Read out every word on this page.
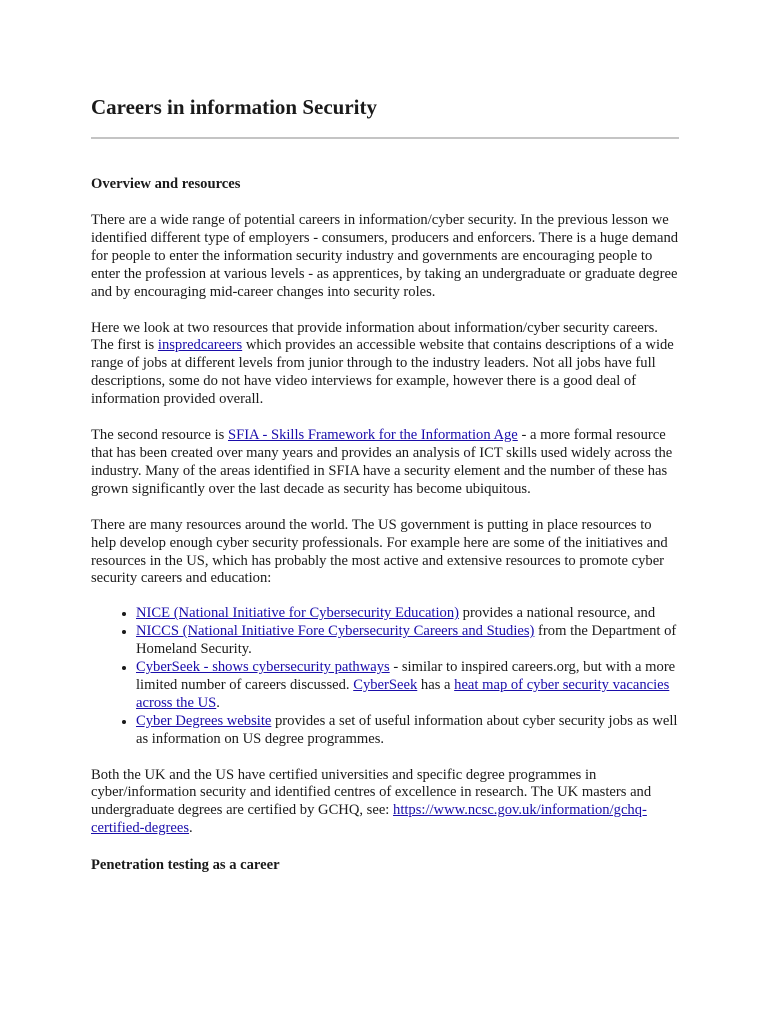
Careers in information Security
Overview and resources

There are a wide range of potential careers in information/cyber security. In the previous lesson we identified different type of employers - consumers, producers and enforcers. There is a huge demand for people to enter the information security industry and governments are encouraging people to enter the profession at various levels - as apprentices, by taking an undergraduate or graduate degree and by encouraging mid-career changes into security roles.

Here we look at two resources that provide information about information/cyber security careers. The first is inspredcareers which provides an accessible website that contains descriptions of a wide range of jobs at different levels from junior through to the industry leaders. Not all jobs have full descriptions, some do not have video interviews for example, however there is a good deal of information provided overall.

The second resource is SFIA - Skills Framework for the Information Age - a more formal resource that has been created over many years and provides an analysis of ICT skills used widely across the industry. Many of the areas identified in SFIA have a security element and the number of these has grown significantly over the last decade as security has become ubiquitous.

There are many resources around the world. The US government is putting in place resources to help develop enough cyber security professionals. For example here are some of the initiatives and resources in the US, which has probably the most active and extensive resources to promote cyber security careers and education:

• NICE (National Initiative for Cybersecurity Education) provides a national resource, and
• NICCS (National Initiative Fore Cybersecurity Careers and Studies) from the Department of Homeland Security.
• CyberSeek - shows cybersecurity pathways - similar to inspired careers.org, but with a more limited number of careers discussed. CyberSeek has a heat map of cyber security vacancies across the US.
• Cyber Degrees website provides a set of useful information about cyber security jobs as well as information on US degree programmes.

Both the UK and the US have certified universities and specific degree programmes in cyber/information security and identified centres of excellence in research. The UK masters and undergraduate degrees are certified by GCHQ, see: https://www.ncsc.gov.uk/information/gchq-certified-degrees.

Penetration testing as a career
